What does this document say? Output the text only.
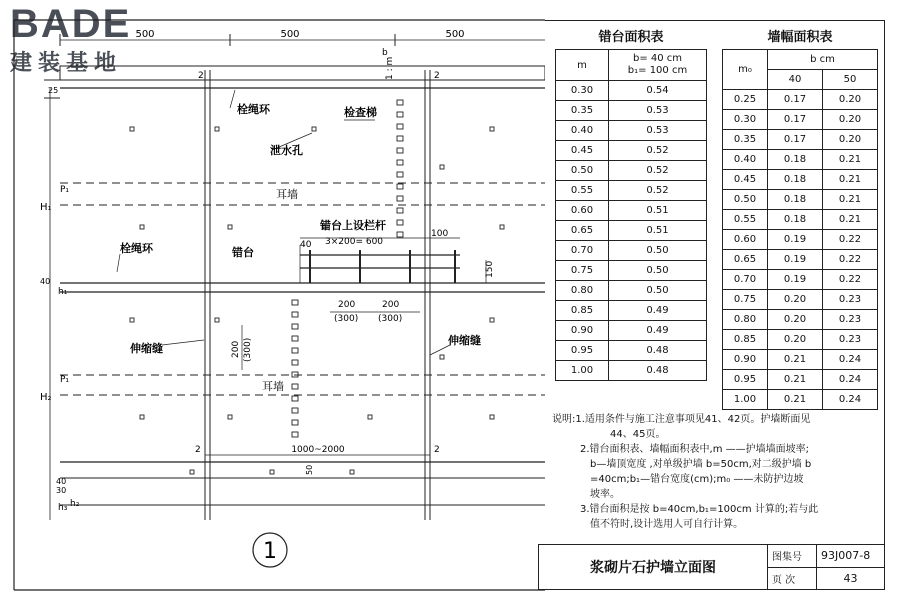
BADE
建装基地
500	500	500
b
1 : m
25
H₁
H₂
P₁
P₁
h₁
40
30
40
h₃ h₂
2	2
2	2
栓绳环	检查梯
泄水孔
耳墙
错台上设栏杆
栓绳环	错台
伸缩缝
伸缩缝
耳墙
40 3×200= 600
100
150
200
(300)
200
(300)
200 (300)
1000~2000
50
1
错台面积表
m	b= 40 cm
b₁= 100 cm

0.30	0.54
0.35	0.53
0.40	0.53
0.45	0.52
0.50	0.52
0.55	0.52
0.60	0.51
0.65	0.51
0.70	0.50
0.75	0.50
0.80	0.50
0.85	0.49
0.90	0.49
0.95	0.48
1.00	0.48
墙幅面积表
m₀	b cm	
	40	50
0.25	0.17	0.20
0.30	0.17	0.20
0.35	0.17	0.20
0.40	0.18	0.21
0.45	0.18	0.21
0.50	0.18	0.21
0.55	0.18	0.21
0.60	0.19	0.22
0.65	0.19	0.22
0.70	0.19	0.22
0.75	0.20	0.23
0.80	0.20	0.23
0.85	0.20	0.23
0.90	0.21	0.24
0.95	0.21	0.24
1.00	0.21	0.24

说明:1.适用条件与施工注意事项见41、42页。护墙断面见

44、45页。

2.错台面积表、墙幅面积表中,m ——护墙墙面坡率;

b—墙顶宽度 ,对单级护墙 b=50cm,对二级护墙 b

=40cm;b₁—错台宽度(cm);m₀ ——未防护边坡

坡率。

3.错台面积是按 b=40cm,b₁=100cm 计算的;若与此

值不符时,设计选用人可自行计算。

浆砌片石护墙立面图	图集号	93J007-8
	页 次	43
